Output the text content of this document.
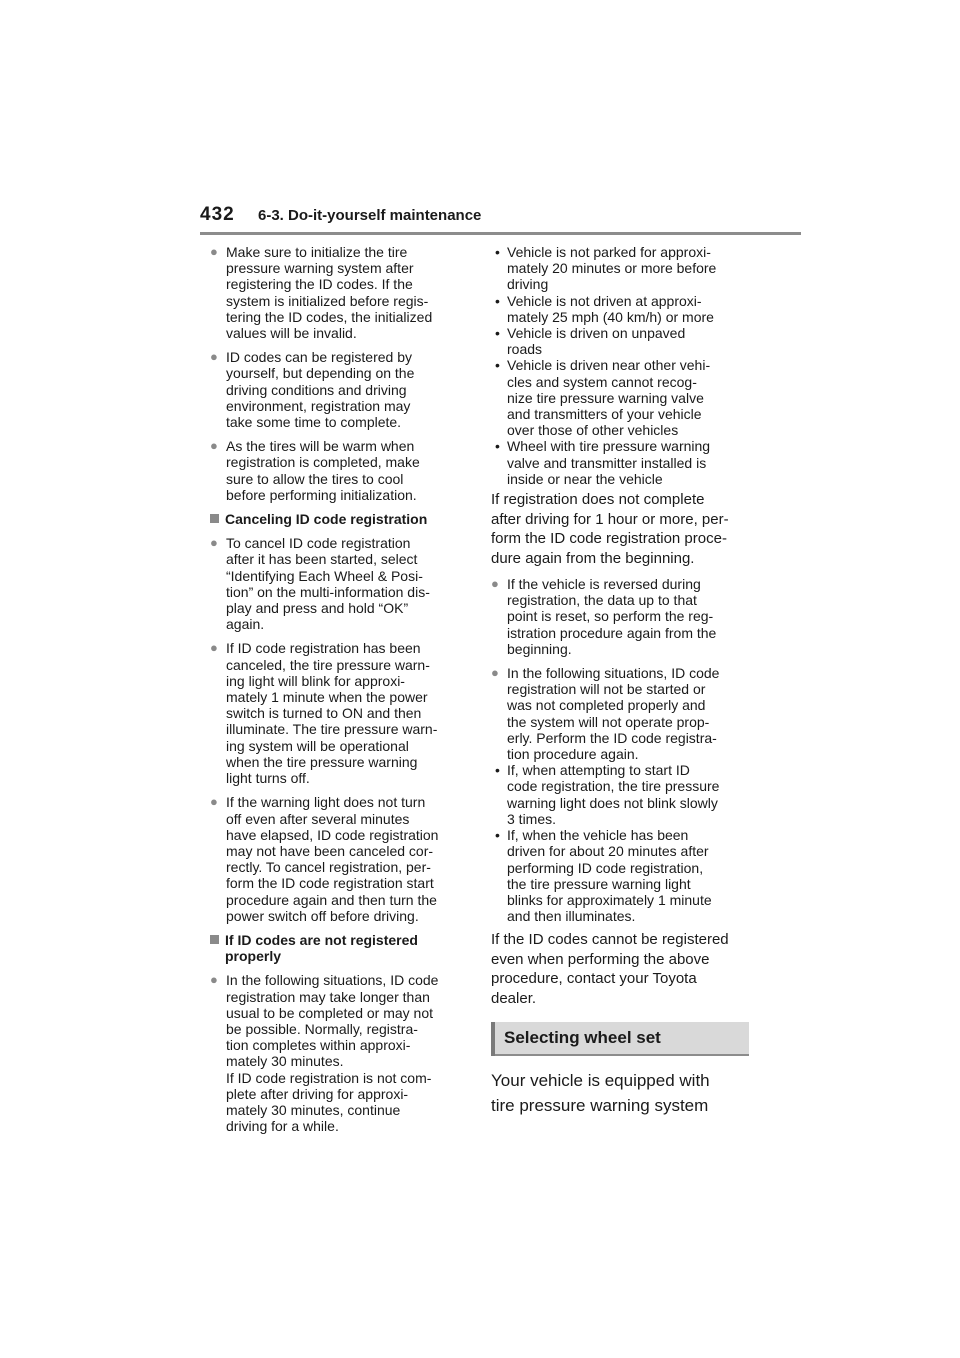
432 6-3. Do-it-yourself maintenance
● Make sure to initialize the tire
pressure warning system after
registering the ID codes. If the
system is initialized before regis-
tering the ID codes, the initialized
values will be invalid.
● ID codes can be registered by
yourself, but depending on the
driving conditions and driving
environment, registration may
take some time to complete.
● As the tires will be warm when
registration is completed, make
sure to allow the tires to cool
before performing initialization.
Canceling ID code registration
● To cancel ID code registration
after it has been started, select
“Identifying Each Wheel & Posi-
tion” on the multi-information dis-
play and press and hold “OK”
again.
● If ID code registration has been
canceled, the tire pressure warn-
ing light will blink for approxi-
mately 1 minute when the power
switch is turned to ON and then
illuminate. The tire pressure warn-
ing system will be operational
when the tire pressure warning
light turns off.
● If the warning light does not turn
off even after several minutes
have elapsed, ID code registration
may not have been canceled cor-
rectly. To cancel registration, per-
form the ID code registration start
procedure again and then turn the
power switch off before driving.
If ID codes are not registered
properly
● In the following situations, ID code
registration may take longer than
usual to be completed or may not
be possible. Normally, registra-
tion completes within approxi-
mately 30 minutes.
If ID code registration is not com-
plete after driving for approxi-
mately 30 minutes, continue
driving for a while.
• Vehicle is not parked for approxi-
mately 20 minutes or more before
driving
• Vehicle is not driven at approxi-
mately 25 mph (40 km/h) or more
• Vehicle is driven on unpaved
roads
• Vehicle is driven near other vehi-
cles and system cannot recog-
nize tire pressure warning valve
and transmitters of your vehicle
over those of other vehicles
• Wheel with tire pressure warning
valve and transmitter installed is
inside or near the vehicle
If registration does not complete
after driving for 1 hour or more, per-
form the ID code registration proce-
dure again from the beginning.
● If the vehicle is reversed during
registration, the data up to that
point is reset, so perform the reg-
istration procedure again from the
beginning.
● In the following situations, ID code
registration will not be started or
was not completed properly and
the system will not operate prop-
erly. Perform the ID code registra-
tion procedure again.
• If, when attempting to start ID
code registration, the tire pressure
warning light does not blink slowly
3 times.
• If, when the vehicle has been
driven for about 20 minutes after
performing ID code registration,
the tire pressure warning light
blinks for approximately 1 minute
and then illuminates.
If the ID codes cannot be registered
even when performing the above
procedure, contact your Toyota
dealer.
Selecting wheel set
Your vehicle is equipped with
tire pressure warning system
